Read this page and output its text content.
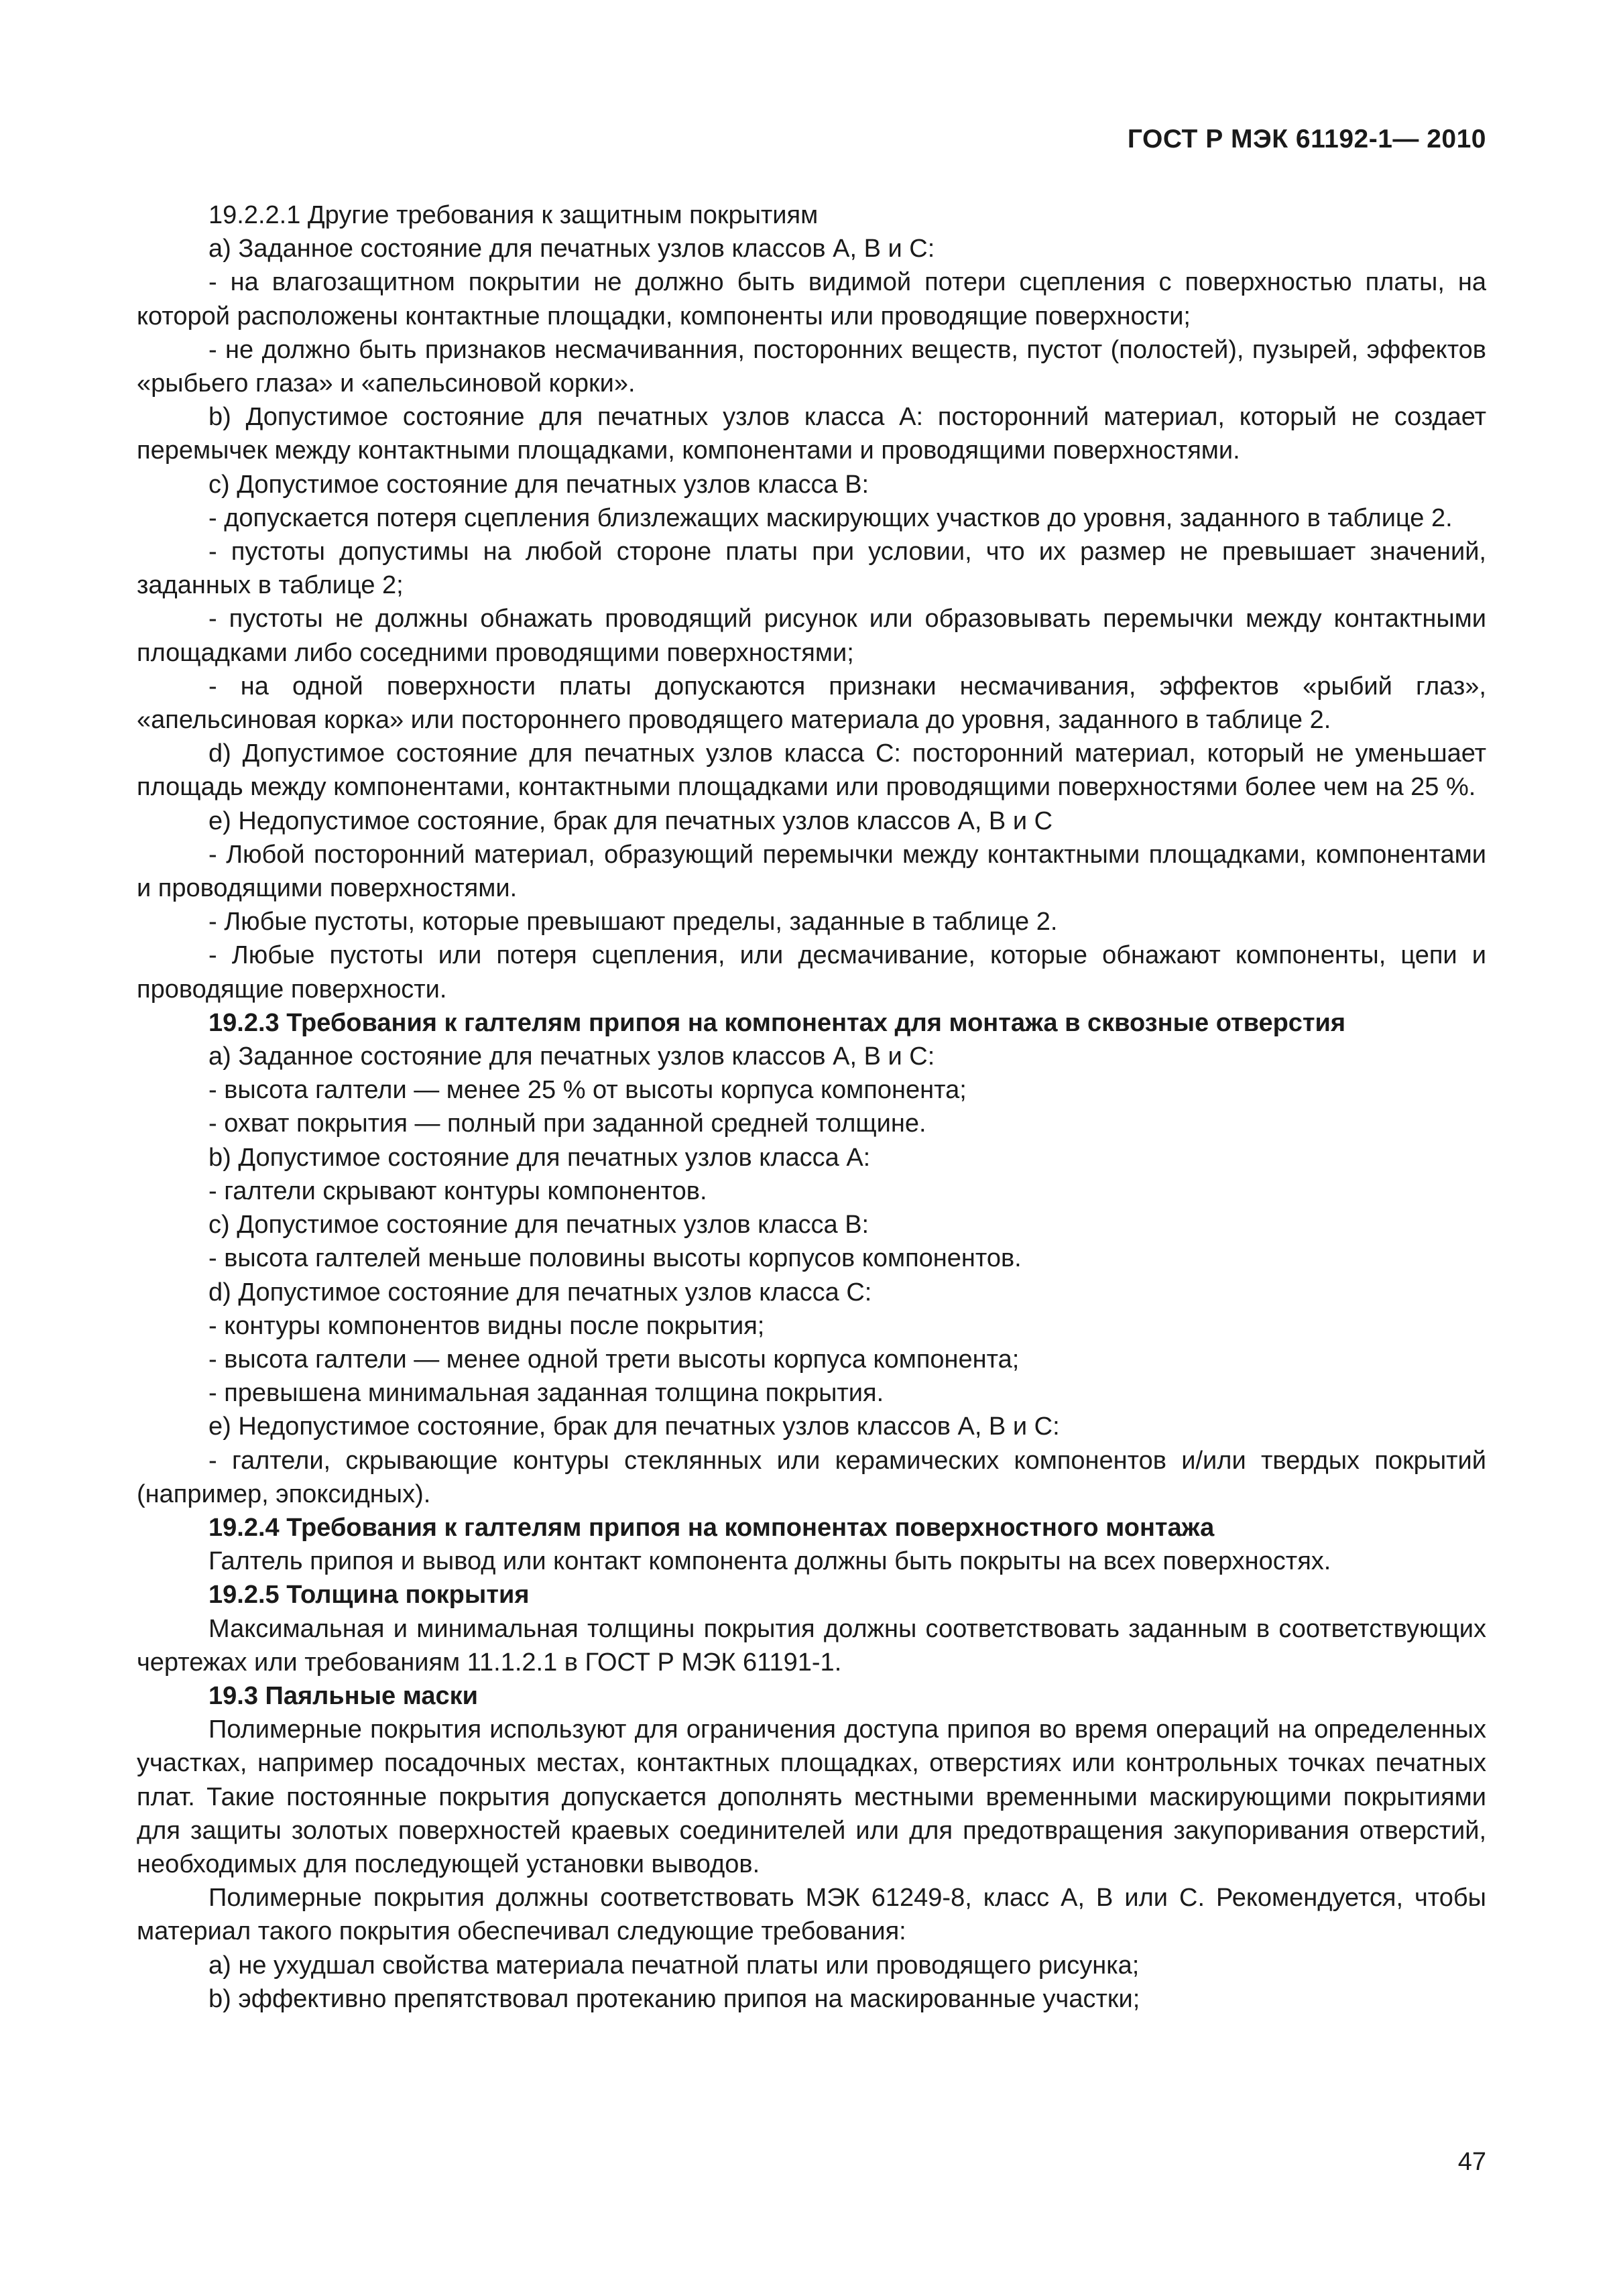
ГОСТ Р МЭК 61192-1— 2010

19.2.2.1 Другие требования к защитным покрытиям

а) Заданное состояние для печатных узлов классов А, В и С:

- на влагозащитном покрытии не должно быть видимой потери сцепления с поверхностью платы, на которой расположены контактные площадки, компоненты или проводящие поверхности;

- не должно быть признаков несмачиванния, посторонних веществ, пустот (полостей), пузырей, эффектов «рыбьего глаза» и «апельсиновой корки».

b) Допустимое состояние для печатных узлов класса А: посторонний материал, который не создает перемычек между контактными площадками, компонентами и проводящими поверхностями.

с) Допустимое состояние для печатных узлов класса В:

- допускается потеря сцепления близлежащих маскирующих участков до уровня, заданного в таблице 2.

- пустоты допустимы на любой стороне платы при условии, что их размер не превышает значений, заданных в таблице 2;

- пустоты не должны обнажать проводящий рисунок или образовывать перемычки между контактными площадками либо соседними проводящими поверхностями;

- на одной поверхности платы допускаются признаки несмачивания, эффектов «рыбий глаз», «апельсиновая корка» или постороннего проводящего материала до уровня, заданного в таблице 2.

d) Допустимое состояние для печатных узлов класса С: посторонний материал, который не уменьшает площадь между компонентами, контактными площадками или проводящими поверхностями более чем на 25 %.

е) Недопустимое состояние, брак для печатных узлов классов А, В и С

- Любой посторонний материал, образующий перемычки между контактными площадками, компонентами и проводящими поверхностями.

- Любые пустоты, которые превышают пределы, заданные в таблице 2.

- Любые пустоты или потеря сцепления, или десмачивание, которые обнажают компоненты, цепи и проводящие поверхности.

19.2.3 Требования к галтелям припоя на компонентах для монтажа в сквозные отверстия

а) Заданное состояние для печатных узлов классов А, В и С:

- высота галтели — менее 25 % от высоты корпуса компонента;

- охват покрытия — полный при заданной средней толщине.

b) Допустимое состояние для печатных узлов класса А:

- галтели скрывают контуры компонентов.

с) Допустимое состояние для печатных узлов класса В:

- высота галтелей меньше половины высоты корпусов компонентов.

d) Допустимое состояние для печатных узлов класса С:

- контуры компонентов видны после покрытия;

- высота галтели — менее одной трети высоты корпуса компонента;

- превышена минимальная заданная толщина покрытия.

е) Недопустимое состояние, брак для печатных узлов классов А, В и С:

- галтели, скрывающие контуры стеклянных или керамических компонентов и/или твердых покрытий (например, эпоксидных).

19.2.4 Требования к галтелям припоя на компонентах поверхностного монтажа

Галтель припоя и вывод или контакт компонента должны быть покрыты на всех поверхностях.

19.2.5 Толщина покрытия

Максимальная и минимальная толщины покрытия должны соответствовать заданным в соответствующих чертежах или требованиям 11.1.2.1 в ГОСТ Р МЭК 61191-1.

19.3 Паяльные маски

Полимерные покрытия используют для ограничения доступа припоя во время операций на определенных участках, например посадочных местах, контактных площадках, отверстиях или контрольных точках печатных плат. Такие постоянные покрытия допускается дополнять местными временными маскирующими покрытиями для защиты золотых поверхностей краевых соединителей или для предотвращения закупоривания отверстий, необходимых для последующей установки выводов.

Полимерные покрытия должны соответствовать МЭК 61249-8, класс А, В или С. Рекомендуется, чтобы материал такого покрытия обеспечивал следующие требования:

а) не ухудшал свойства материала печатной платы или проводящего рисунка;

b) эффективно препятствовал протеканию припоя на маскированные участки;

47
